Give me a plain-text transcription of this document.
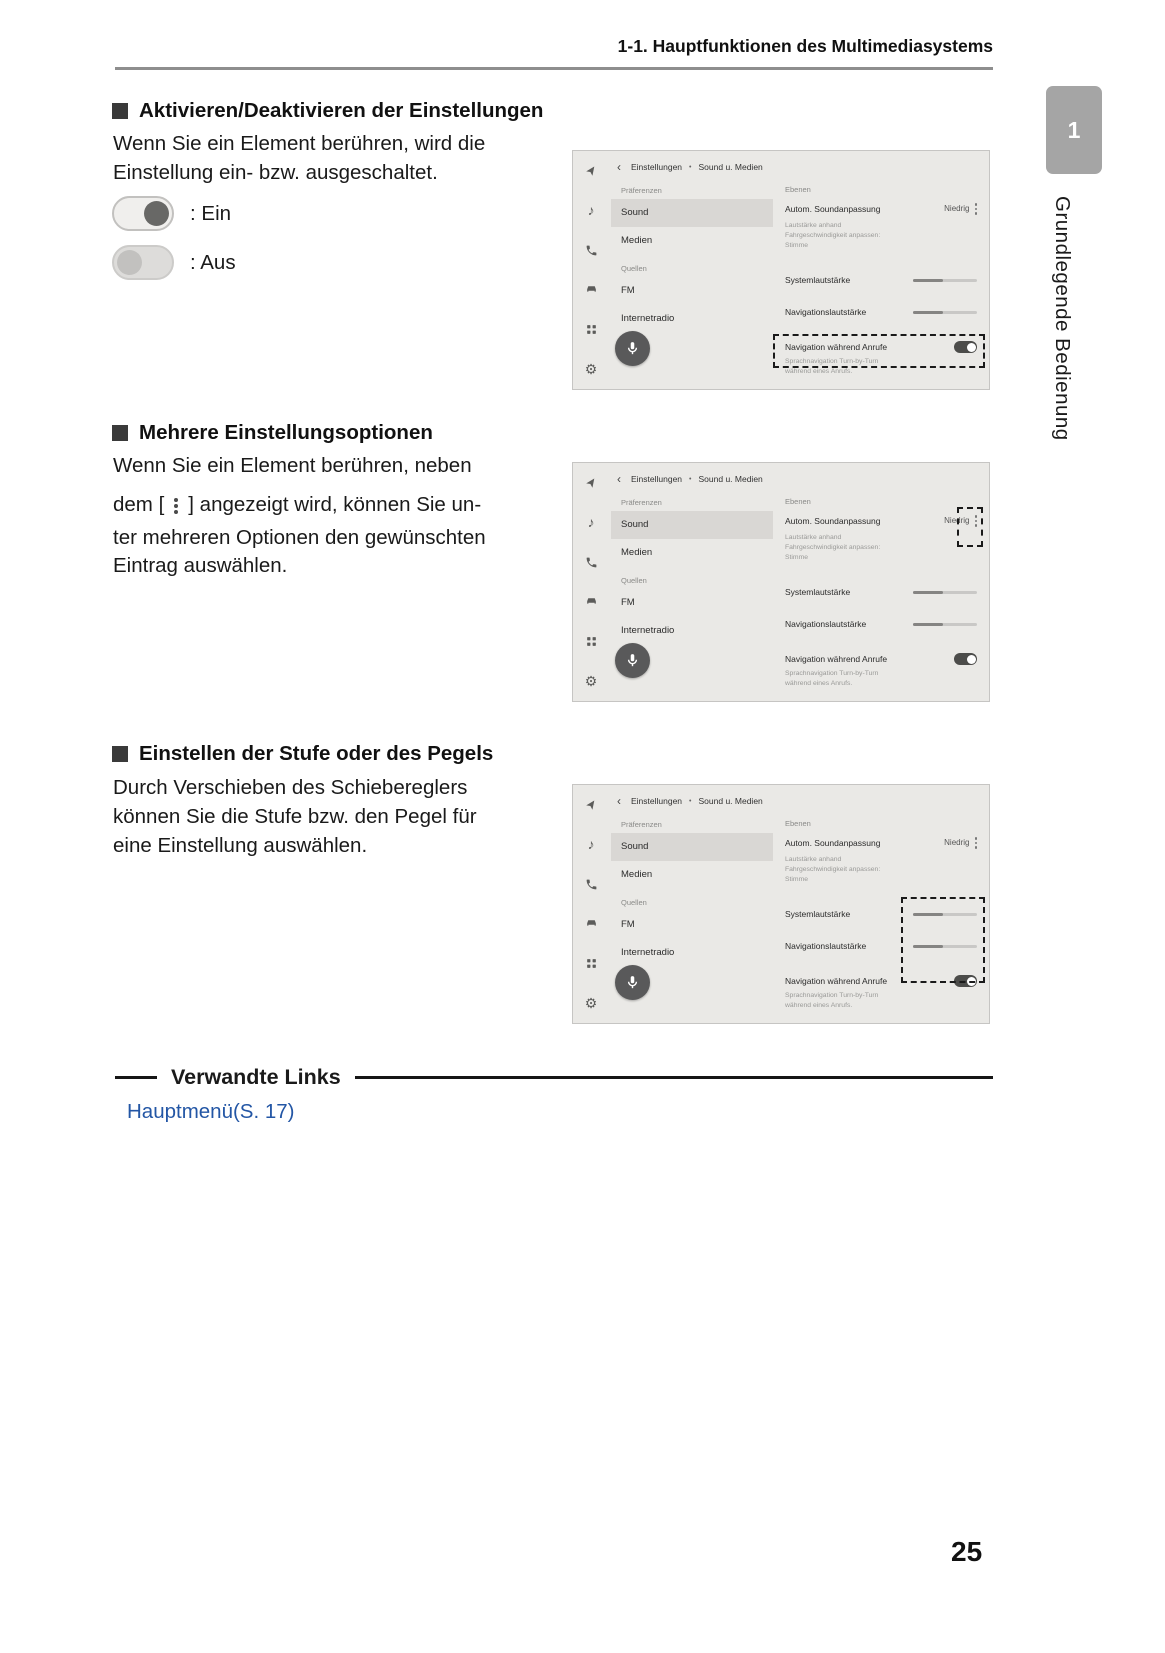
1-1. Hauptfunktionen des Multimediasystems
1
Grundlegende Bedienung
Aktivieren/Deaktivieren der Einstellungen
Wenn Sie ein Element berühren, wird die
Einstellung ein- bzw. ausgeschaltet.
: Ein
: Aus
♪
⚙
‹ Einstellungen • Sound u. Medien
Präferenzen
Sound
Medien
Quellen
FM
Internetradio
Ebenen
Autom. Soundanpassung	Niedrig
Lautstärke anhand
Fahrgeschwindigkeit anpassen:
Stimme
Systemlautstärke
Navigationslautstärke
Navigation während Anrufe
Sprachnavigation Turn-by-Turn
während eines Anrufs.
Mehrere Einstellungsoptionen
Wenn Sie ein Element berühren, neben
dem [ ] angezeigt wird, können Sie un-
ter mehreren Optionen den gewünschten
Eintrag auswählen.
♪
⚙
‹ Einstellungen • Sound u. Medien
Präferenzen
Sound
Medien
Quellen
FM
Internetradio
Ebenen
Autom. Soundanpassung	Niedrig
Lautstärke anhand
Fahrgeschwindigkeit anpassen:
Stimme
Systemlautstärke
Navigationslautstärke
Navigation während Anrufe
Sprachnavigation Turn-by-Turn
während eines Anrufs.
Einstellen der Stufe oder des Pegels
Durch Verschieben des Schiebereglers
können Sie die Stufe bzw. den Pegel für
eine Einstellung auswählen.	♪
⚙
‹ Einstellungen • Sound u. Medien
Präferenzen
Sound
Medien
Quellen
FM
Internetradio
Ebenen
Autom. Soundanpassung	Niedrig
Lautstärke anhand
Fahrgeschwindigkeit anpassen:
Stimme
Systemlautstärke
Navigationslautstärke
Navigation während Anrufe
Sprachnavigation Turn-by-Turn
während eines Anrufs.
Verwandte Links
Hauptmenü(S. 17)
25
